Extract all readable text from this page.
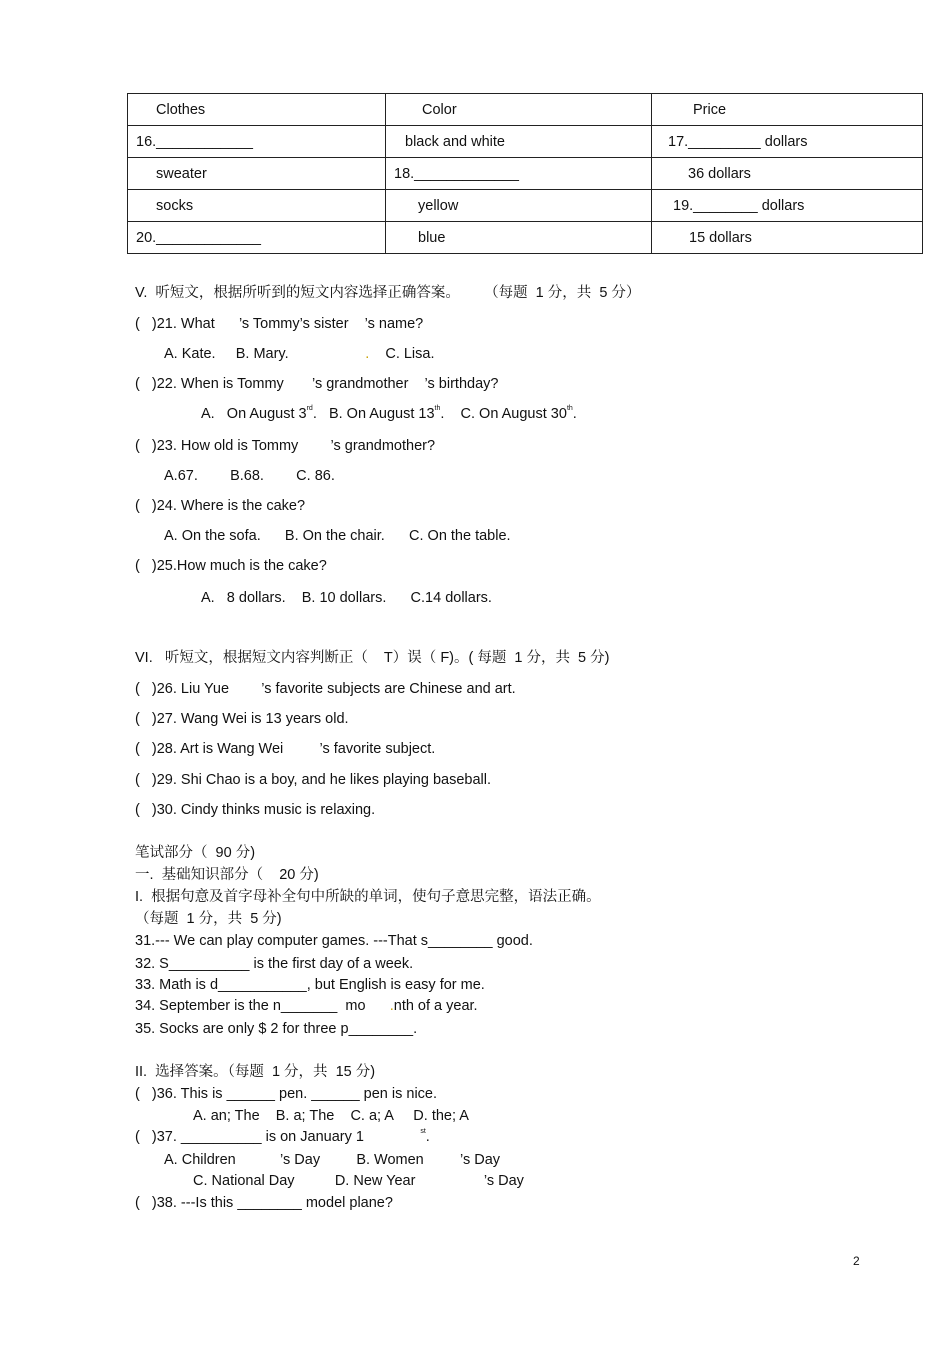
Clothes	Color	Price
16.____________	black and white	17._________ dollars
sweater	18._____________	36 dollars
socks	yellow	19.________ dollars
20._____________	blue	15 dollars
V.  听短文，根据所听到的短文内容选择正确答案。 （每题  1 分，共  5 分）
(   )21. What      ’s Tommy’s sister    ’s name?
A. Kate.     B. Mary.	. C. Lisa.
(   )22. When is Tommy       ’s grandmother    ’s birthday?
A.   On August 3rd.   B. On August 13th.    C. On August 30th.
(   )23. How old is Tommy        ’s grandmother?
A.67.        B.68.        C. 86.
(   )24. Where is the cake?
A. On the sofa.      B. On the chair.      C. On the table.
(   )25.How much is the cake?
A.   8 dollars.    B. 10 dollars.      C.14 dollars.
VI.   听短文，根据短文内容判断正（    T）误（ F)。( 每题  1 分，共  5 分)
(   )26. Liu Yue        ’s favorite subjects are Chinese and art.
(   )27. Wang Wei is 13 years old.
(   )28. Art is Wang Wei         ’s favorite subject.
(   )29. Shi Chao is a boy, and he likes playing baseball.
(   )30. Cindy thinks music is relaxing.
笔试部分（  90 分)
一.  基础知识部分（    20 分)
I.  根据句意及首字母补全句中所缺的单词，使句子意思完整，语法正确。
（每题  1 分，共  5 分)
31.--- We can play computer games. ---That s________ good.
32. S__________ is the first day of a week.
33. Math is d___________, but English is easy for me.
34. September is the n_______  mo .nth of a year.
35. Socks are only $ 2 for three p________.
II.  选择答案。（每题  1 分，共  15 分)
(   )36. This is ______ pen. ______ pen is nice.
A. an; The    B. a; The    C. a; A     D. the; A
(   )37. __________ is on January 1	$^{st}$.
A. Children           ’s Day         B. Women         ’s Day
C. National Day          D. New Year                 ’s Day
(   )38. ---Is this ________ model plane?
2
